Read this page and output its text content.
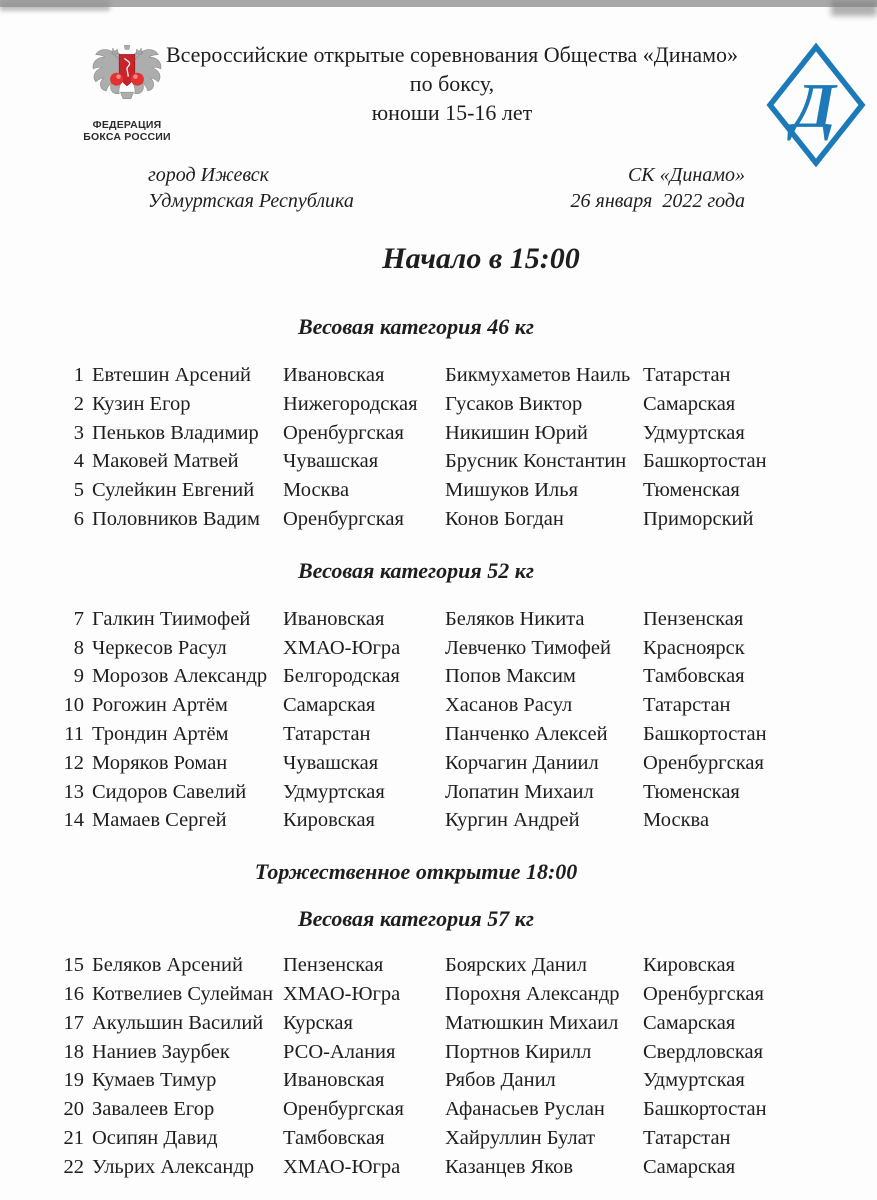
ФЕДЕРАЦИЯ
БОКСА РОССИИ
Всероссийские открытые соревнования Общества «Динамо»
по боксу,
юноши 15-16 лет	Д
город Ижевск
Удмуртская Республика
СК «Динамо»
26 января  2022 года
Начало в 15:00
Весовая категория 46 кг
1 Евтешин Арсений	Ивановская	Бикмухаметов Наиль Татарстан
2 Кузин Егор	Нижегородская	Гусаков Виктор	Самарская
3 Пеньков Владимир	Оренбургская	Никишин Юрий	Удмуртская
4 Маковей Матвей	Чувашская	Брусник Константин Башкортостан
5 Сулейкин Евгений	Москва	Мишуков Илья	Тюменская
6 Половников Вадим	Оренбургская	Конов Богдан	Приморский
Весовая категория 52 кг
7 Галкин Тиимофей	Ивановская	Беляков Никита	Пензенская
8 Черкесов Расул	ХМАО-Югра	Левченко Тимофей	Красноярск
9 Морозов Александр Белгородская	Попов Максим	Тамбовская
10 Рогожин Артём	Самарская	Хасанов Расул	Татарстан
11 Трондин Артём	Татарстан	Панченко Алексей	Башкортостан
12 Моряков Роман	Чувашская	Корчагин Даниил	Оренбургская
13 Сидоров Савелий	Удмуртская	Лопатин Михаил	Тюменская
14 Мамаев Сергей	Кировская	Кургин Андрей	Москва
Торжественное открытие 18:00
Весовая категория 57 кг
15 Беляков Арсений	Пензенская	Боярских Данил	Кировская
16 Котвелиев Сулейман ХМАО-Югра	Порохня Александр	Оренбургская
17 Акульшин Василий Курская	Матюшкин Михаил	Самарская
18 Наниев Заурбек	РСО-Алания	Портнов Кирилл	Свердловская
19 Кумаев Тимур	Ивановская	Рябов Данил	Удмуртская
20 Завалеев Егор	Оренбургская	Афанасьев Руслан	Башкортостан
21 Осипян Давид	Тамбовская	Хайруллин Булат	Татарстан
22 Ульрих Александр	ХМАО-Югра	Казанцев Яков	Самарская
